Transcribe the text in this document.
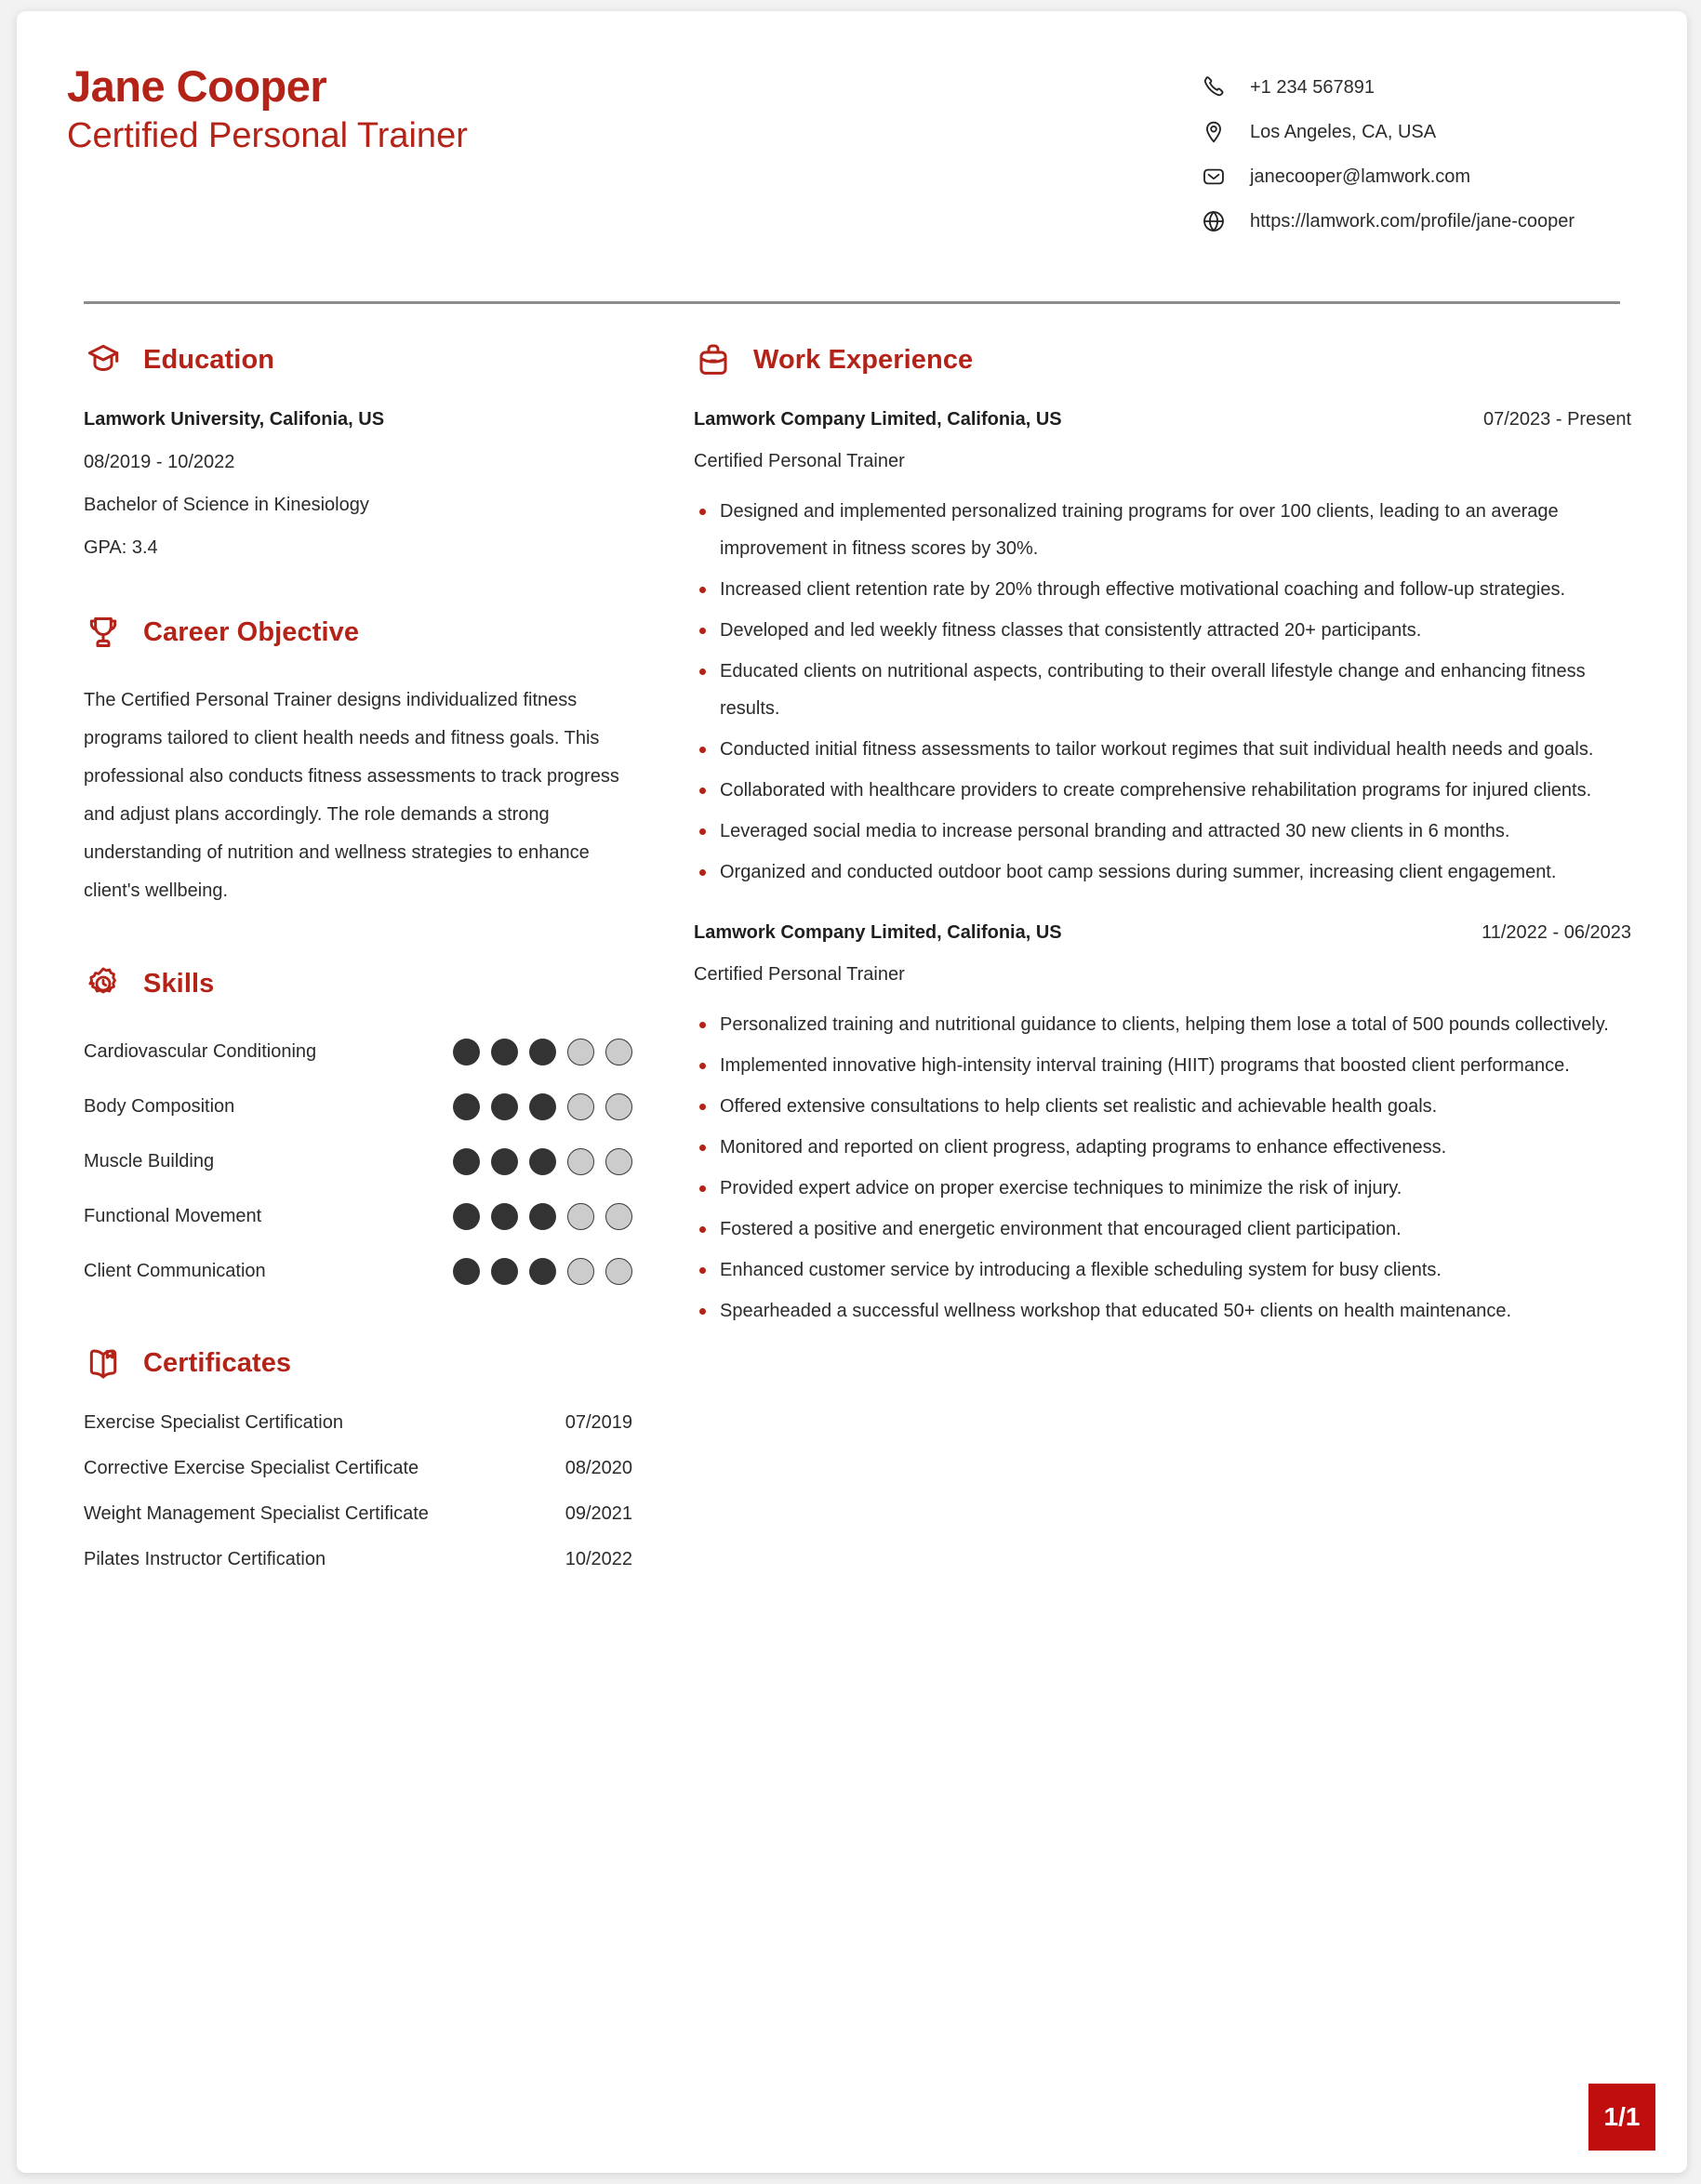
Jane Cooper
Certified Personal Trainer
+1 234 567891
Los Angeles, CA, USA
janecooper@lamwork.com
https://lamwork.com/profile/jane-cooper
Education
Lamwork University, Califonia, US
08/2019 - 10/2022
Bachelor of Science in Kinesiology
GPA: 3.4
Career Objective
The Certified Personal Trainer designs individualized fitness programs tailored to client health needs and fitness goals. This professional also conducts fitness assessments to track progress and adjust plans accordingly. The role demands a strong understanding of nutrition and wellness strategies to enhance client's wellbeing.
Skills
Cardiovascular Conditioning
Body Composition
Muscle Building
Functional Movement
Client Communication
Certificates
Exercise Specialist Certification	07/2019
Corrective Exercise Specialist Certificate	08/2020
Weight Management Specialist Certificate	09/2021
Pilates Instructor Certification	10/2022
Work Experience
Lamwork Company Limited, Califonia, US	07/2023 - Present
Certified Personal Trainer
Designed and implemented personalized training programs for over 100 clients, leading to an average improvement in fitness scores by 30%.
Increased client retention rate by 20% through effective motivational coaching and follow-up strategies.
Developed and led weekly fitness classes that consistently attracted 20+ participants.
Educated clients on nutritional aspects, contributing to their overall lifestyle change and enhancing fitness results.
Conducted initial fitness assessments to tailor workout regimes that suit individual health needs and goals.
Collaborated with healthcare providers to create comprehensive rehabilitation programs for injured clients.
Leveraged social media to increase personal branding and attracted 30 new clients in 6 months.
Organized and conducted outdoor boot camp sessions during summer, increasing client engagement.
Lamwork Company Limited, Califonia, US	11/2022 - 06/2023
Certified Personal Trainer
Personalized training and nutritional guidance to clients, helping them lose a total of 500 pounds collectively.
Implemented innovative high-intensity interval training (HIIT) programs that boosted client performance.
Offered extensive consultations to help clients set realistic and achievable health goals.
Monitored and reported on client progress, adapting programs to enhance effectiveness.
Provided expert advice on proper exercise techniques to minimize the risk of injury.
Fostered a positive and energetic environment that encouraged client participation.
Enhanced customer service by introducing a flexible scheduling system for busy clients.
Spearheaded a successful wellness workshop that educated 50+ clients on health maintenance.
1/1
